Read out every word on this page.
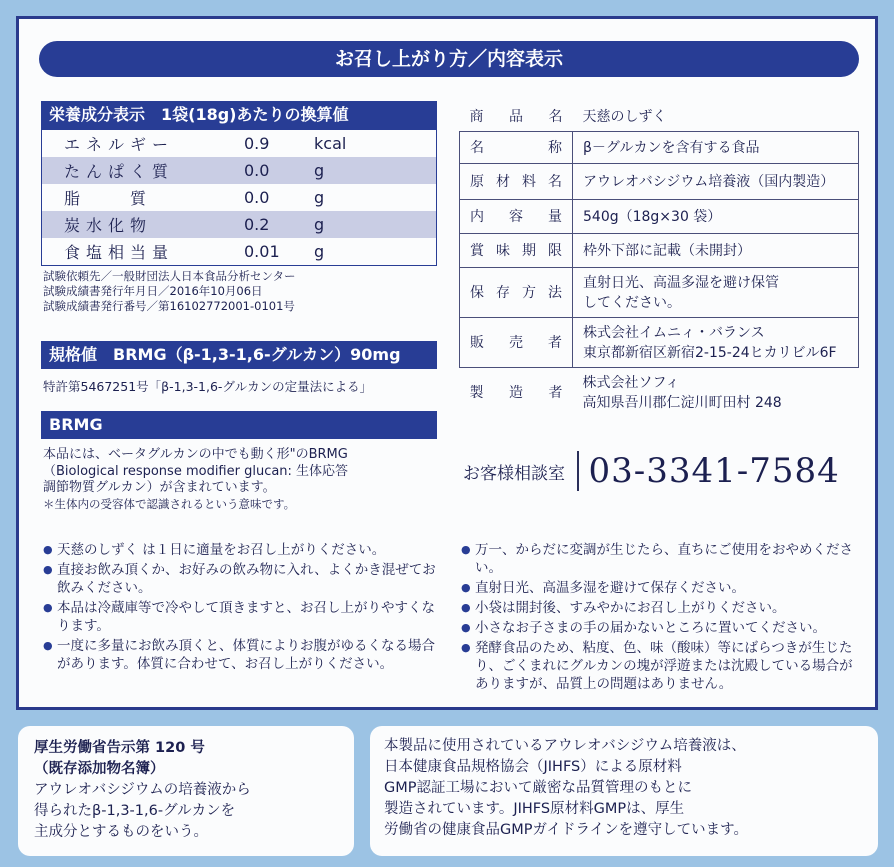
お召し上がり方／内容表示
栄養成分表示　1袋(18g)あたりの換算値
エネルギー	0.9	kcal
たんぱく質	0.0	g
脂　　質	0.0	g
炭水化物	0.2	g
食塩相当量	0.01	g
試験依頼先／一般財団法人日本食品分析センター
試験成績書発行年月日／2016年10月06日
試験成績書発行番号／第16102772001-0101号
規格値　BRMG（β-1,3-1,6-グルカン）90mg
特許第5467251号「β-1,3-1,6-グルカンの定量法による」
BRMG
本品には、ベータグルカンの中でも動く形"のBRMG
（Biological response modifier glucan: 生体応答
調節物質グルカン）が含まれています。
＊生体内の受容体で認識されるという意味です。
商品名	天慈のしずく
名称	β－グルカンを含有する食品
原材料名	アウレオバシジウム培養液（国内製造）
内容量	540g（18g×30 袋）
賞味期限	枠外下部に記載（未開封）
保存方法	直射日光、高温多湿を避け保管
してください。

販売者	株式会社イムニィ・バランス
東京都新宿区新宿2-15-24ヒカリビル6F

製造者	株式会社ソフィ
高知県吾川郡仁淀川町田村 248
お客様相談室 03-3341-7584
● 天慈のしずく は１日に適量をお召し上がりください。
● 直接お飲み頂くか、お好みの飲み物に入れ、よくかき混ぜてお飲みください。
● 本品は冷蔵庫等で冷やして頂きますと、お召し上がりやすくなります。
● 一度に多量にお飲み頂くと、体質によりお腹がゆるくなる場合があります。体質に合わせて、お召し上がりください。
● 万一、からだに変調が生じたら、直ちにご使用をおやめください。
● 直射日光、高温多湿を避けて保存ください。
● 小袋は開封後、すみやかにお召し上がりください。
● 小さなお子さまの手の届かないところに置いてください。
● 発酵食品のため、粘度、色、味（酸味）等にばらつきが生じたり、ごくまれにグルカンの塊が浮遊または沈殿している場合がありますが、品質上の問題はありません。

厚生労働省告示第 120 号

（既存添加物名簿）

アウレオバシジウムの培養液から

得られたβ-1,3-1,6-グルカンを

主成分とするものをいう。

本製品に使用されているアウレオバシジウム培養液は、

日本健康食品規格協会（JIHFS）による原材料

GMP認証工場において厳密な品質管理のもとに

製造されています。JIHFS原材料GMPは、厚生

労働省の健康食品GMPガイドラインを遵守しています。
